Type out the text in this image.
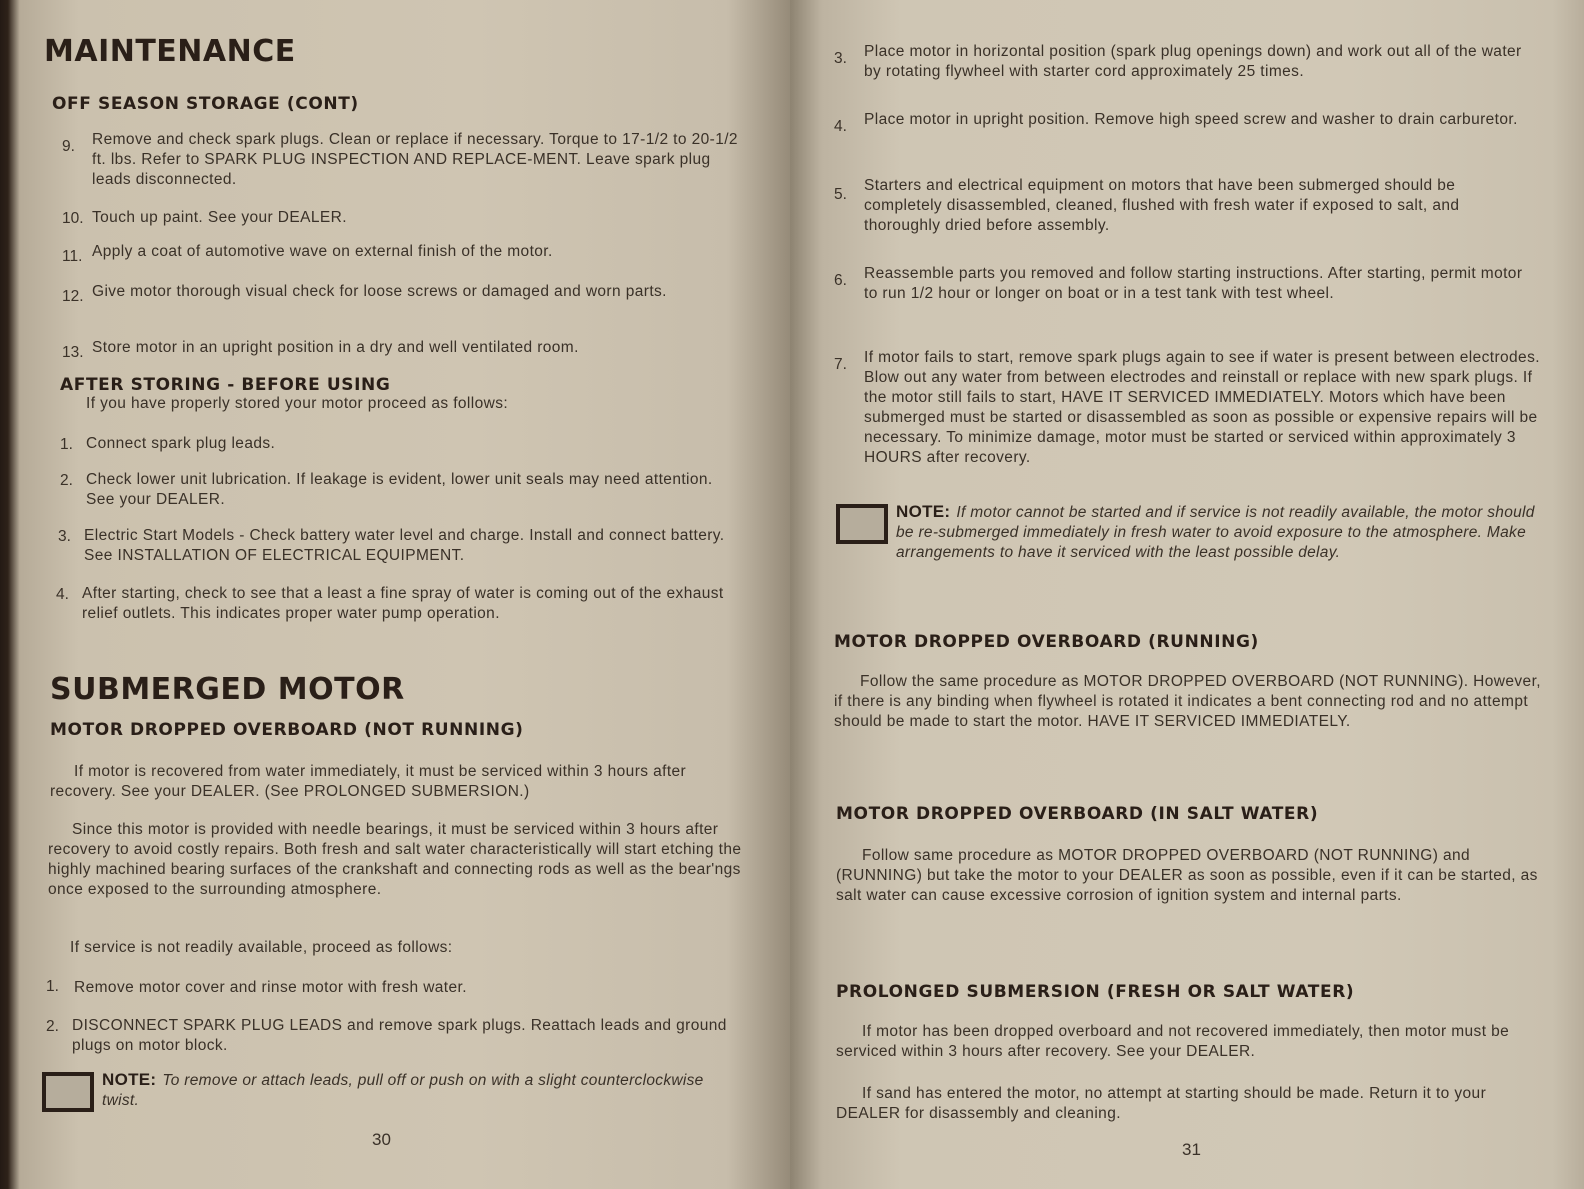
MAINTENANCE
OFF SEASON STORAGE (CONT)
9. Remove and check spark plugs. Clean or replace if necessary. Torque to 17-1/2 to 20-1/2 ft. lbs. Refer to SPARK PLUG INSPECTION AND REPLACE-MENT. Leave spark plug leads disconnected.
10. Touch up paint. See your DEALER.
11. Apply a coat of automotive wave on external finish of the motor.
12. Give motor thorough visual check for loose screws or damaged and worn parts.
13. Store motor in an upright position in a dry and well ventilated room.
AFTER STORING - BEFORE USING
If you have properly stored your motor proceed as follows:
1. Connect spark plug leads.
2. Check lower unit lubrication. If leakage is evident, lower unit seals may need attention. See your DEALER.
3. Electric Start Models - Check battery water level and charge. Install and connect battery. See INSTALLATION OF ELECTRICAL EQUIPMENT.
4. After starting, check to see that a least a fine spray of water is coming out of the exhaust relief outlets. This indicates proper water pump operation.
SUBMERGED MOTOR
MOTOR DROPPED OVERBOARD (NOT RUNNING)
If motor is recovered from water immediately, it must be serviced within 3 hours after recovery. See your DEALER. (See PROLONGED SUBMERSION.)
Since this motor is provided with needle bearings, it must be serviced within 3 hours after recovery to avoid costly repairs. Both fresh and salt water characteristically will start etching the highly machined bearing surfaces of the crankshaft and connecting rods as well as the bear'ngs once exposed to the surrounding atmosphere.
If service is not readily available, proceed as follows:
1. Remove motor cover and rinse motor with fresh water.
2. DISCONNECT SPARK PLUG LEADS and remove spark plugs. Reattach leads and ground plugs on motor block.
NOTE: To remove or attach leads, pull off or push on with a slight counterclockwise twist.
30
3. Place motor in horizontal position (spark plug openings down) and work out all of the water by rotating flywheel with starter cord approximately 25 times.
4. Place motor in upright position. Remove high speed screw and washer to drain carburetor.
5.
Starters and electrical equipment on motors that have been submerged should be completely disassembled, cleaned, flushed with fresh water if exposed to salt, and thoroughly dried before assembly.
6. Reassemble parts you removed and follow starting instructions. After starting, permit motor to run 1/2 hour or longer on boat or in a test tank with test wheel.
7. If motor fails to start, remove spark plugs again to see if water is present between electrodes. Blow out any water from between electrodes and reinstall or replace with new spark plugs. If the motor still fails to start, HAVE IT SERVICED IMMEDIATELY. Motors which have been submerged must be started or disassembled as soon as possible or expensive repairs will be necessary. To minimize damage, motor must be started or serviced within approximately 3 HOURS after recovery.
NOTE: If motor cannot be started and if service is not readily available, the motor should be re-submerged immediately in fresh water to avoid exposure to the atmosphere. Make arrangements to have it serviced with the least possible delay.
MOTOR DROPPED OVERBOARD (RUNNING)
Follow the same procedure as MOTOR DROPPED OVERBOARD (NOT RUNNING). However, if there is any binding when flywheel is rotated it indicates a bent connecting rod and no attempt should be made to start the motor. HAVE IT SERVICED IMMEDIATELY.
MOTOR DROPPED OVERBOARD (IN SALT WATER)
Follow same procedure as MOTOR DROPPED OVERBOARD (NOT RUNNING) and (RUNNING) but take the motor to your DEALER as soon as possible, even if it can be started, as salt water can cause excessive corrosion of ignition system and internal parts.
PROLONGED SUBMERSION (FRESH OR SALT WATER)
If motor has been dropped overboard and not recovered immediately, then motor must be serviced within 3 hours after recovery. See your DEALER.
If sand has entered the motor, no attempt at starting should be made. Return it to your DEALER for disassembly and cleaning.
31
